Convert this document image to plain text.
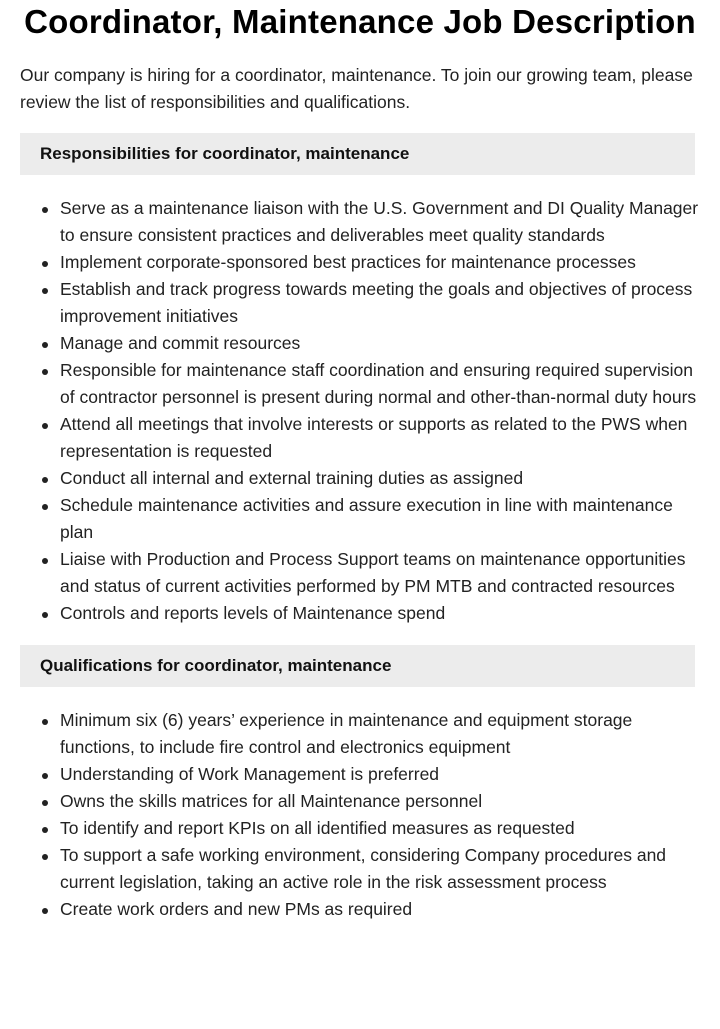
Coordinator, Maintenance Job Description

Our company is hiring for a coordinator, maintenance. To join our growing team, please review the list of responsibilities and qualifications.

Responsibilities for coordinator, maintenance
Serve as a maintenance liaison with the U.S. Government and DI Quality Manager to ensure consistent practices and deliverables meet quality standards
Implement corporate-sponsored best practices for maintenance processes
Establish and track progress towards meeting the goals and objectives of process improvement initiatives
Manage and commit resources
Responsible for maintenance staff coordination and ensuring required supervision of contractor personnel is present during normal and other-than-normal duty hours
Attend all meetings that involve interests or supports as related to the PWS when representation is requested
Conduct all internal and external training duties as assigned
Schedule maintenance activities and assure execution in line with maintenance plan
Liaise with Production and Process Support teams on maintenance opportunities and status of current activities performed by PM MTB and contracted resources
Controls and reports levels of Maintenance spend
Qualifications for coordinator, maintenance
Minimum six (6) years’ experience in maintenance and equipment storage functions, to include fire control and electronics equipment
Understanding of Work Management is preferred
Owns the skills matrices for all Maintenance personnel
To identify and report KPIs on all identified measures as requested
To support a safe working environment, considering Company procedures and current legislation, taking an active role in the risk assessment process
Create work orders and new PMs as required
